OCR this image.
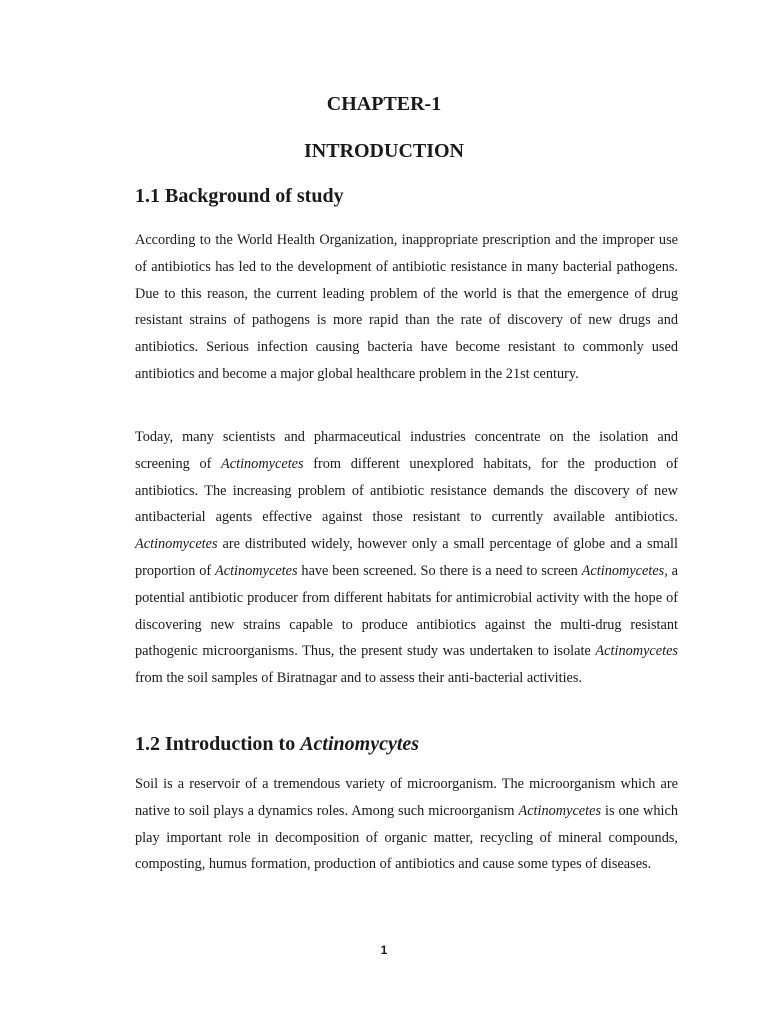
CHAPTER-1
INTRODUCTION
1.1 Background of study

According to the World Health Organization, inappropriate prescription and the improper use of antibiotics has led to the development of antibiotic resistance in many bacterial pathogens. Due to this reason, the current leading problem of the world is that the emergence of drug resistant strains of pathogens is more rapid than the rate of discovery of new drugs and antibiotics. Serious infection causing bacteria have become resistant to commonly used antibiotics and become a major global healthcare problem in the 21st century.

Today, many scientists and pharmaceutical industries concentrate on the isolation and screening of Actinomycetes from different unexplored habitats, for the production of antibiotics. The increasing problem of antibiotic resistance demands the discovery of new antibacterial agents effective against those resistant to currently available antibiotics. Actinomycetes are distributed widely, however only a small percentage of globe and a small proportion of Actinomycetes have been screened. So there is a need to screen Actinomycetes, a potential antibiotic producer from different habitats for antimicrobial activity with the hope of discovering new strains capable to produce antibiotics against the multi-drug resistant pathogenic microorganisms. Thus, the present study was undertaken to isolate Actinomycetes from the soil samples of Biratnagar and to assess their anti-bacterial activities.

1.2 Introduction to Actinomycytes

Soil is a reservoir of a tremendous variety of microorganism. The microorganism which are native to soil plays a dynamics roles. Among such microorganism Actinomycetes is one which play important role in decomposition of organic matter, recycling of mineral compounds, composting, humus formation, production of antibiotics and cause some types of diseases.

1
